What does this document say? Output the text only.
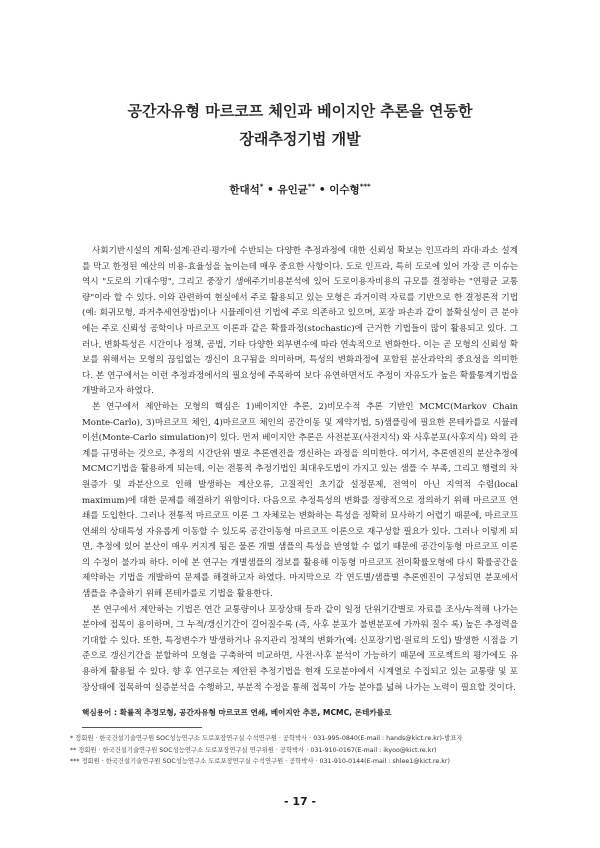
공간자유형 마르코프 체인과 베이지안 추론을 연동한
장래추정기법 개발
한대석* • 유인균** • 이수형***

사회기반시설의 계획·설계·관리·평가에 수반되는 다양한 추정과정에 대한 신뢰성 확보는 인프라의 과대·과소 설계를 막고 한정된 예산의 비용-효율성을 높이는데 매우 중요한 사항이다. 도로 인프라, 특히 도로에 있어 가장 큰 이슈는 역시 "도로의 기대수명", 그리고 중장기 생애주기비용분석에 있어 도로이용자비용의 규모를 결정하는 "연평균 교통량"이라 할 수 있다. 이와 관련하여 현실에서 주로 활용되고 있는 모형은 과거이력 자료를 기반으로 한 결정론적 기법(예: 회귀모형, 과거추세연장법)이나 시뮬레이션 기법에 주로 의존하고 있으며, 포장 파손과 같이 불확실성이 큰 분야에는 주로 신뢰성 공학이나 마르코프 이론과 같은 확률과정(stochastic)에 근거한 기법들이 많이 활용되고 있다. 그러나, 변화특성은 시간이나 정책, 공법, 기타 다양한 외부변수에 따라 연속적으로 변화한다. 이는 곧 모형의 신뢰성 확보를 위해서는 모형의 끊임없는 갱신이 요구됨을 의미하며, 특성의 변화과정에 포함된 분산과악의 중요성을 의미한다. 본 연구에서는 이런 추정과정에서의 필요성에 주목하여 보다 유연하면서도 추정이 자유도가 높은 확률통계기법을 개발하고자 하였다.

본 연구에서 제안하는 모형의 핵심은 1)베이지안 추론, 2)비모수적 추론 기반인 MCMC(Markov Chain Monte-Carlo), 3)마르코프 체인, 4)마르코프 체인의 공간이동 및 제약기법, 5)샘플링에 필요한 몬테카를로 시뮬레이션(Monte-Carlo simulation)이 있다. 먼저 베이지안 추론은 사전분포(사전지식) 와 사후분포(사후지식) 와의 관계를 규명하는 것으로, 추정의 시간단위 별로 추론엔진을 갱신하는 과정을 의미한다. 여기서, 추론엔진의 분산추정에 MCMC기법을 활용하게 되는데, 이는 전통적 추정기법인 최대우도법이 가지고 있는 샘플 수 부족, 그리고 행렬의 차원증가 및 과분산으로 인해 발생하는 계산오류, 고질적인 초기값 설정문제, 전역이 아닌 지역적 수렴(local maximum)에 대한 문제를 해결하기 위함이다. 다음으로 추정특성의 변화를 정량적으로 정의하기 위해 마르코프 연쇄를 도입한다. 그러나 전통적 마르코프 이론 그 자체로는 변화하는 특성을 정확히 묘사하기 어렵기 때문에, 마르코프 연쇄의 상태특성 자유롭게 이동할 수 있도록 공간이동형 마르코프 이론으로 재구성할 필요가 있다. 그러나 이렇게 되면, 추정에 있어 분산이 매우 커지게 됨은 물론 개별 샘플의 특성을 반영할 수 없기 때문에 공간이동형 마르코프 이론의 수정이 불가피 하다. 이에 본 연구는 개별샘플의 정보를 활용해 이동형 마르코프 전이확률모형에 다시 확률공간을 제약하는 기법을 개발하여 문제를 해결하고자 하였다. 마지막으로 각 연도별/샘플별 추론엔진이 구성되면 분포에서 샘플을 추출하기 위해 몬테카를로 기법을 활용한다.

본 연구에서 제안하는 기법은 연간 교통량이나 포장상태 등과 같이 일정 단위기간별로 자료를 조사/누적해 나가는 분야에 접목이 용이하며, 그 누적/갱신기간이 길어질수록 (즉, 사후 분포가 불변분포에 가까워 질수 록) 높은 추정력을 기대할 수 있다. 또한, 특정변수가 발생하거나 유지관리 정책의 변화가(예: 신포장기법·원료의 도입) 발생한 시점을 기준으로 갱신기간을 분할하여 모형을 구축하여 비교하면, 사전-사후 분석이 가능하기 때문에 프로젝트의 평가에도 유용하게 활용될 수 있다. 향 후 연구로는 제안된 추정기법을 현재 도로분야에서 시계열로 수집되고 있는 교통량 및 포장상태에 접목하여 실증분석을 수행하고, 부분적 수정을 통해 접목이 가능 분야를 넓혀 나가는 노력이 필요할 것이다.

핵심용어 : 확률적 추정모형, 공간자유형 마르코프 연쇄, 베이지안 추론, MCMC, 몬테카를로
* 정회원 · 한국건설기술연구원 SOC성능연구소 도로포장연구실 수석연구원 · 공학박사 · 031-995-0840(E-mail : hands@kict.re.kr)-발표자
** 정회원 · 한국건설기술연구원 SOC성능연구소 도로포장연구실 연구위원 · 공학박사 · 031-910-0167(E-mail : ikyoo@kict.re.kr)
*** 정회원 · 한국건설기술연구원 SOC성능연구소 도로포장연구실 수석연구원 · 공학박사 · 031-910-0144(E-mail : shlee1@kict.re.kr)
- 17 -
